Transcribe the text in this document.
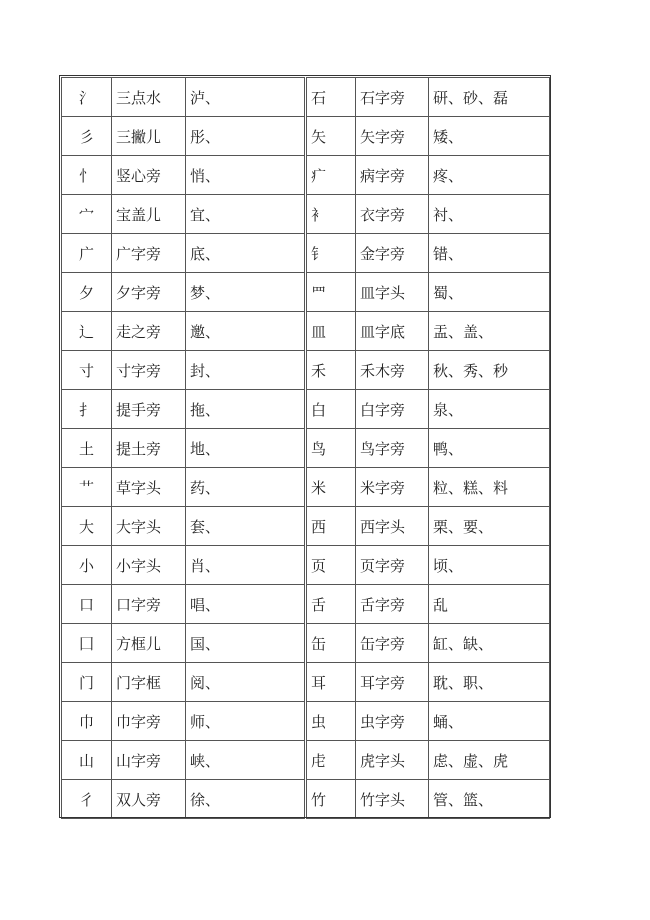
氵	三点水	泸、	石	石字旁	研、砂、磊
彡	三撇儿	彤、	矢	矢字旁	矮、
忄	竖心旁	悄、	疒	病字旁	疼、
宀	宝盖儿	宜、	衤	衣字旁	衬、
广	广字旁	底、	钅	金字旁	错、
夕	夕字旁	梦、	罒	皿字头	蜀、
辶	走之旁	邀、	皿	皿字底	盂、盖、
寸	寸字旁	封、	禾	禾木旁	秋、秀、秒
扌	提手旁	拖、	白	白字旁	泉、
土	提土旁	地、	鸟	鸟字旁	鸭、
艹	草字头	药、	米	米字旁	粒、糕、料
大	大字头	套、	西	西字头	栗、要、
小	小字头	肖、	页	页字旁	顷、
口	口字旁	唱、	舌	舌字旁	乱
囗	方框儿	国、	缶	缶字旁	缸、缺、
门	门字框	阅、	耳	耳字旁	耽、职、
巾	巾字旁	师、	虫	虫字旁	蛹、
山	山字旁	峡、	虍	虎字头	虑、虚、虎
彳	双人旁	徐、	竹	竹字头	管、篮、
